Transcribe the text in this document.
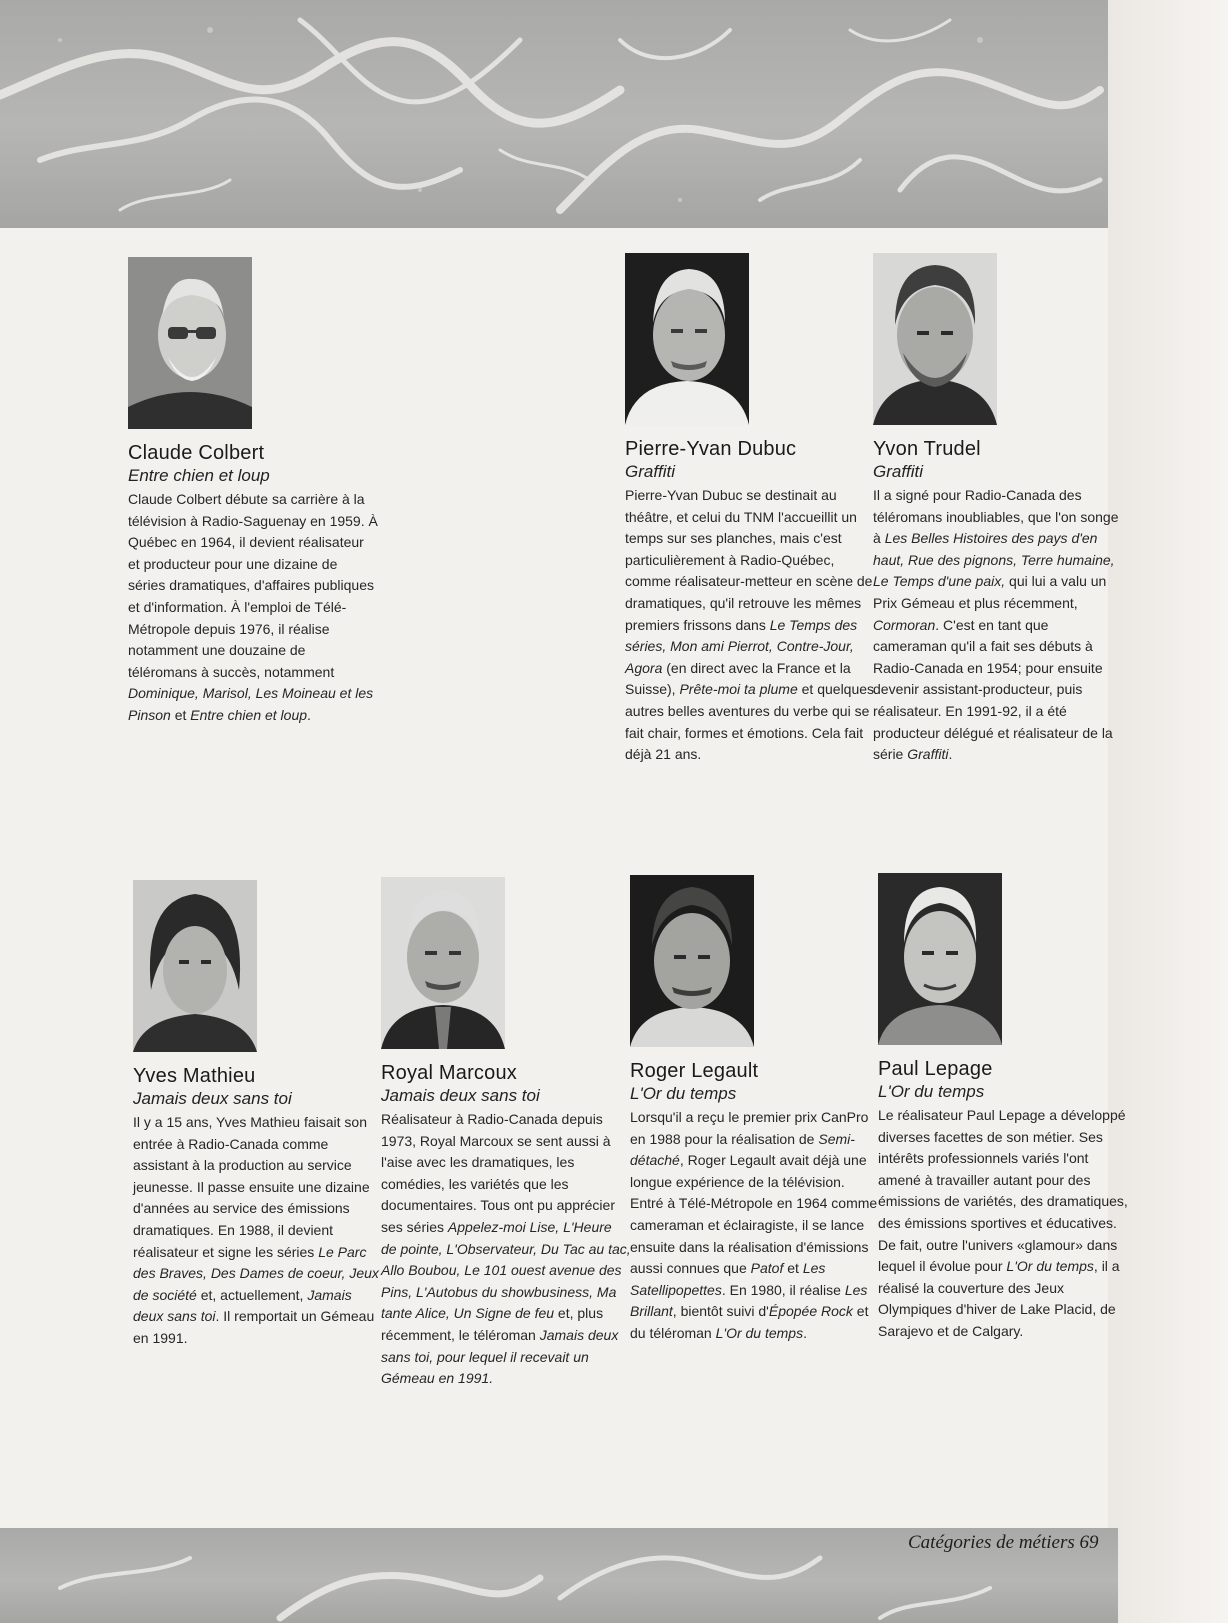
Claude Colbert
Entre chien et loup
Claude Colbert débute sa carrière à la télévision à Radio-Saguenay en 1959. À Québec en 1964, il devient réalisateur et producteur pour une dizaine de séries dramatiques, d'affaires publiques et d'information. À l'emploi de Télé-Métropole depuis 1976, il réalise notamment une douzaine de téléromans à succès, notamment Dominique, Marisol, Les Moineau et les Pinson et Entre chien et loup.
Pierre-Yvan Dubuc
Graffiti
Pierre-Yvan Dubuc se destinait au théâtre, et celui du TNM l'accueillit un temps sur ses planches, mais c'est particulièrement à Radio-Québec, comme réalisateur-metteur en scène de dramatiques, qu'il retrouve les mêmes premiers frissons dans Le Temps des séries, Mon ami Pierrot, Contre-Jour, Agora (en direct avec la France et la Suisse), Prête-moi ta plume et quelques autres belles aventures du verbe qui se fait chair, formes et émotions. Cela fait déjà 21 ans.
Yvon Trudel
Graffiti
Il a signé pour Radio-Canada des téléromans inoubliables, que l'on songe à Les Belles Histoires des pays d'en haut, Rue des pignons, Terre humaine, Le Temps d'une paix, qui lui a valu un Prix Gémeau et plus récemment, Cormoran. C'est en tant que cameraman qu'il a fait ses débuts à Radio-Canada en 1954; pour ensuite devenir assistant-producteur, puis réalisateur. En 1991-92, il a été producteur délégué et réalisateur de la série Graffiti.
Yves Mathieu
Jamais deux sans toi
Il y a 15 ans, Yves Mathieu faisait son entrée à Radio-Canada comme assistant à la production au service jeunesse. Il passe ensuite une dizaine d'années au service des émissions dramatiques. En 1988, il devient réalisateur et signe les séries Le Parc des Braves, Des Dames de coeur, Jeux de société et, actuellement, Jamais deux sans toi. Il remportait un Gémeau en 1991.
Royal Marcoux
Jamais deux sans toi
Réalisateur à Radio-Canada depuis 1973, Royal Marcoux se sent aussi à l'aise avec les dramatiques, les comédies, les variétés que les documentaires. Tous ont pu apprécier ses séries Appelez-moi Lise, L'Heure de pointe, L'Observateur, Du Tac au tac, Allo Boubou, Le 101 ouest avenue des Pins, L'Autobus du showbusiness, Ma tante Alice, Un Signe de feu et, plus récemment, le téléroman Jamais deux sans toi, pour lequel il recevait un Gémeau en 1991.
Roger Legault
L'Or du temps
Lorsqu'il a reçu le premier prix CanPro en 1988 pour la réalisation de Semi-détaché, Roger Legault avait déjà une longue expérience de la télévision. Entré à Télé-Métropole en 1964 comme cameraman et éclairagiste, il se lance ensuite dans la réalisation d'émissions aussi connues que Patof et Les Satellipopettes. En 1980, il réalise Les Brillant, bientôt suivi d'Épopée Rock et du téléroman L'Or du temps.
Paul Lepage
L'Or du temps
Le réalisateur Paul Lepage a développé diverses facettes de son métier. Ses intérêts professionnels variés l'ont amené à travailler autant pour des émissions de variétés, des dramatiques, des émissions sportives et éducatives. De fait, outre l'univers «glamour» dans lequel il évolue pour L'Or du temps, il a réalisé la couverture des Jeux Olympiques d'hiver de Lake Placid, de Sarajevo et de Calgary.
Catégories de métiers 69
